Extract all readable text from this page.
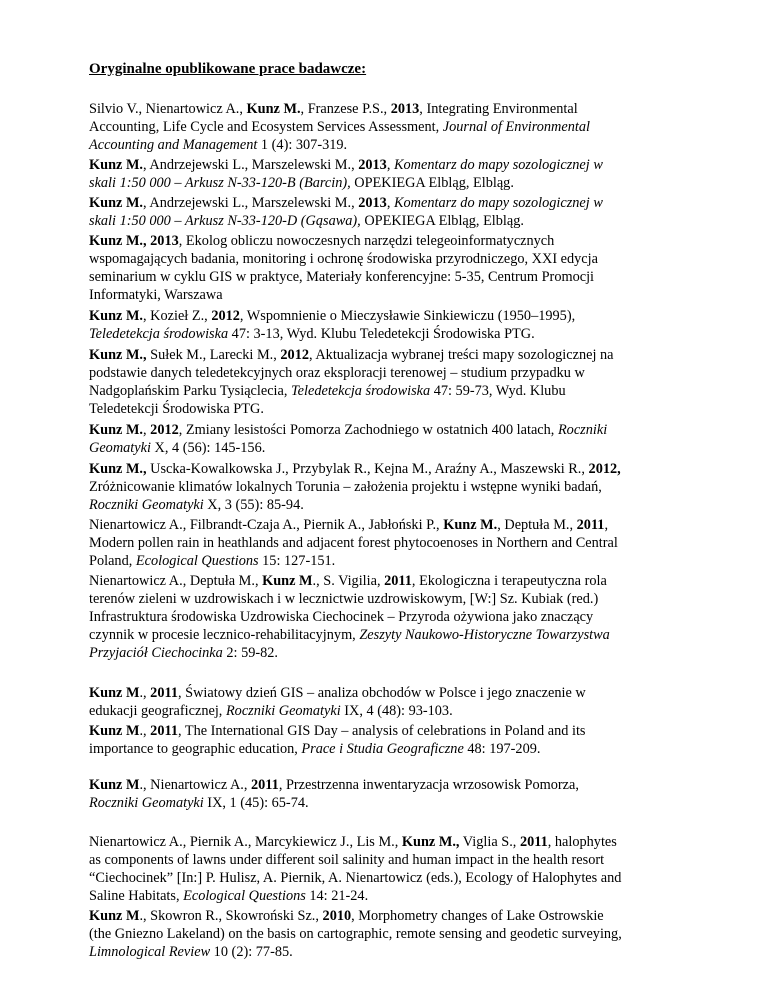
Oryginalne opublikowane prace badawcze:
Silvio V., Nienartowicz A., Kunz M., Franzese P.S., 2013, Integrating Environmental
Accounting, Life Cycle and Ecosystem Services Assessment, Journal of Environmental
Accounting and Management 1 (4): 307-319.
Kunz M., Andrzejewski L., Marszelewski M., 2013, Komentarz do mapy sozologicznej w
skali 1:50 000 – Arkusz N-33-120-B (Barcin), OPEKIEGA Elbląg, Elbląg.
Kunz M., Andrzejewski L., Marszelewski M., 2013, Komentarz do mapy sozologicznej w
skali 1:50 000 – Arkusz N-33-120-D (Gąsawa), OPEKIEGA Elbląg, Elbląg.
Kunz M., 2013, Ekolog obliczu nowoczesnych narzędzi telegeoinformatycznych
wspomagających badania, monitoring i ochronę środowiska przyrodniczego, XXI edycja
seminarium w cyklu GIS w praktyce, Materiały konferencyjne: 5-35, Centrum Promocji
Informatyki, Warszawa
Kunz M., Kozieł Z., 2012, Wspomnienie o Mieczysławie Sinkiewiczu (1950–1995),
Teledetekcja środowiska 47: 3-13, Wyd. Klubu Teledetekcji Środowiska PTG.
Kunz M., Sułek M., Larecki M., 2012, Aktualizacja wybranej treści mapy sozologicznej na
podstawie danych teledetekcyjnych oraz eksploracji terenowej – studium przypadku w
Nadgoplańskim Parku Tysiąclecia, Teledetekcja środowiska 47: 59-73, Wyd. Klubu
Teledetekcji Środowiska PTG.
Kunz M., 2012, Zmiany lesistości Pomorza Zachodniego w ostatnich 400 latach, Roczniki
Geomatyki X, 4 (56): 145-156.
Kunz M., Uscka-Kowalkowska J., Przybylak R., Kejna M., Araźny A., Maszewski R., 2012,
Zróżnicowanie klimatów lokalnych Torunia – założenia projektu i wstępne wyniki badań,
Roczniki Geomatyki X, 3 (55): 85-94.
Nienartowicz A., Filbrandt-Czaja A., Piernik A., Jabłoński P., Kunz M., Deptuła M., 2011,
Modern pollen rain in heathlands and adjacent forest phytocoenoses in Northern and Central
Poland, Ecological Questions 15: 127-151.
Nienartowicz A., Deptuła M., Kunz M., S. Vigilia, 2011, Ekologiczna i terapeutyczna rola
terenów zieleni w uzdrowiskach i w lecznictwie uzdrowiskowym, [W:] Sz. Kubiak (red.)
Infrastruktura środowiska Uzdrowiska Ciechocinek – Przyroda ożywiona jako znaczący
czynnik w procesie lecznico-rehabilitacyjnym, Zeszyty Naukowo-Historyczne Towarzystwa
Przyjaciół Ciechocinka 2: 59-82.
Kunz M., 2011, Światowy dzień GIS – analiza obchodów w Polsce i jego znaczenie w
edukacji geograficznej, Roczniki Geomatyki IX, 4 (48): 93-103.
Kunz M., 2011, The International GIS Day – analysis of celebrations in Poland and its
importance to geographic education, Prace i Studia Geograficzne 48: 197-209.
Kunz M., Nienartowicz A., 2011, Przestrzenna inwentaryzacja wrzosowisk Pomorza,
Roczniki Geomatyki IX, 1 (45): 65-74.
Nienartowicz A., Piernik A., Marcykiewicz J., Lis M., Kunz M., Viglia S., 2011, halophytes
as components of lawns under different soil salinity and human impact in the health resort
“Ciechocinek” [In:] P. Hulisz, A. Piernik, A. Nienartowicz (eds.), Ecology of Halophytes and
Saline Habitats, Ecological Questions 14: 21-24.
Kunz M., Skowron R., Skowroński Sz., 2010, Morphometry changes of Lake Ostrowskie
(the Gniezno Lakeland) on the basis on cartographic, remote sensing and geodetic surveying,
Limnological Review 10 (2): 77-85.
